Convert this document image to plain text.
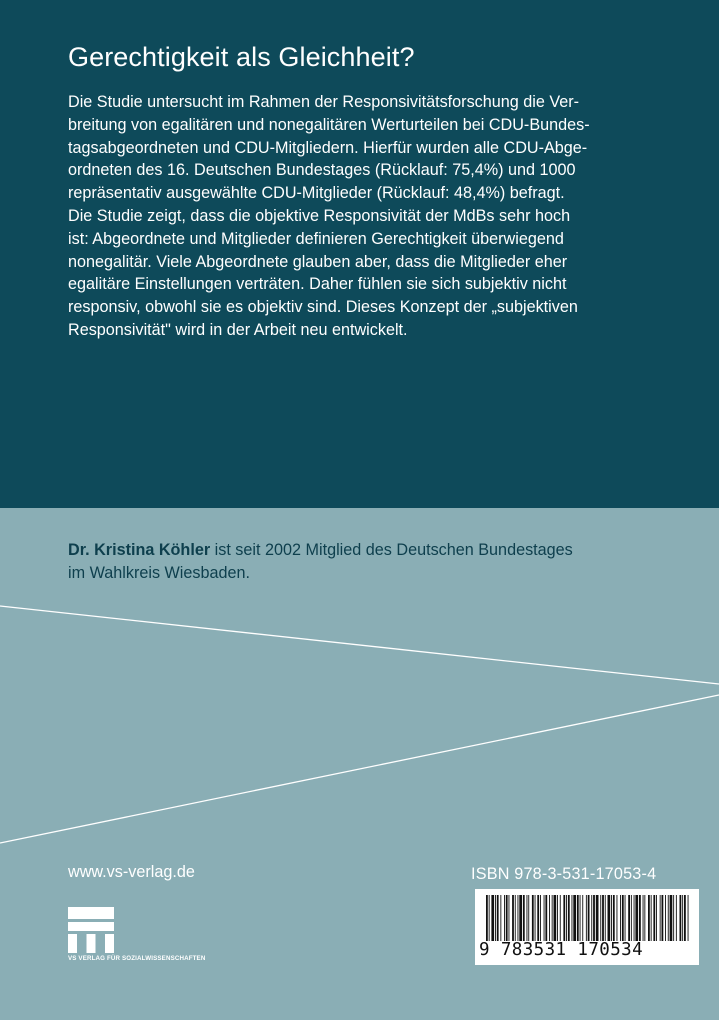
Gerechtigkeit als Gleichheit?

Die Studie untersucht im Rahmen der Responsivitätsforschung die Ver-
breitung von egalitären und nonegalitären Werturteilen bei CDU-Bundes-
tagsabgeordneten und CDU-Mitgliedern. Hierfür wurden alle CDU-Abge-
ordneten des 16. Deutschen Bundestages (Rücklauf: 75,4%) und 1000
repräsentativ ausgewählte CDU-Mitglieder (Rücklauf: 48,4%) befragt.
Die Studie zeigt, dass die objektive Responsivität der MdBs sehr hoch
ist: Abgeordnete und Mitglieder definieren Gerechtigkeit überwiegend
nonegalitär. Viele Abgeordnete glauben aber, dass die Mitglieder eher
egalitäre Einstellungen verträten. Daher fühlen sie sich subjektiv nicht
responsiv, obwohl sie es objektiv sind. Dieses Konzept der „subjektiven
Responsivität" wird in der Arbeit neu entwickelt.

Dr. Kristina Köhler ist seit 2002 Mitglied des Deutschen Bundestages
im Wahlkreis Wiesbaden.

www.vs-verlag.de

VS VERLAG FÜR SOZIALWISSENSCHAFTEN

ISBN 978-3-531-17053-4

9 783531 170534
